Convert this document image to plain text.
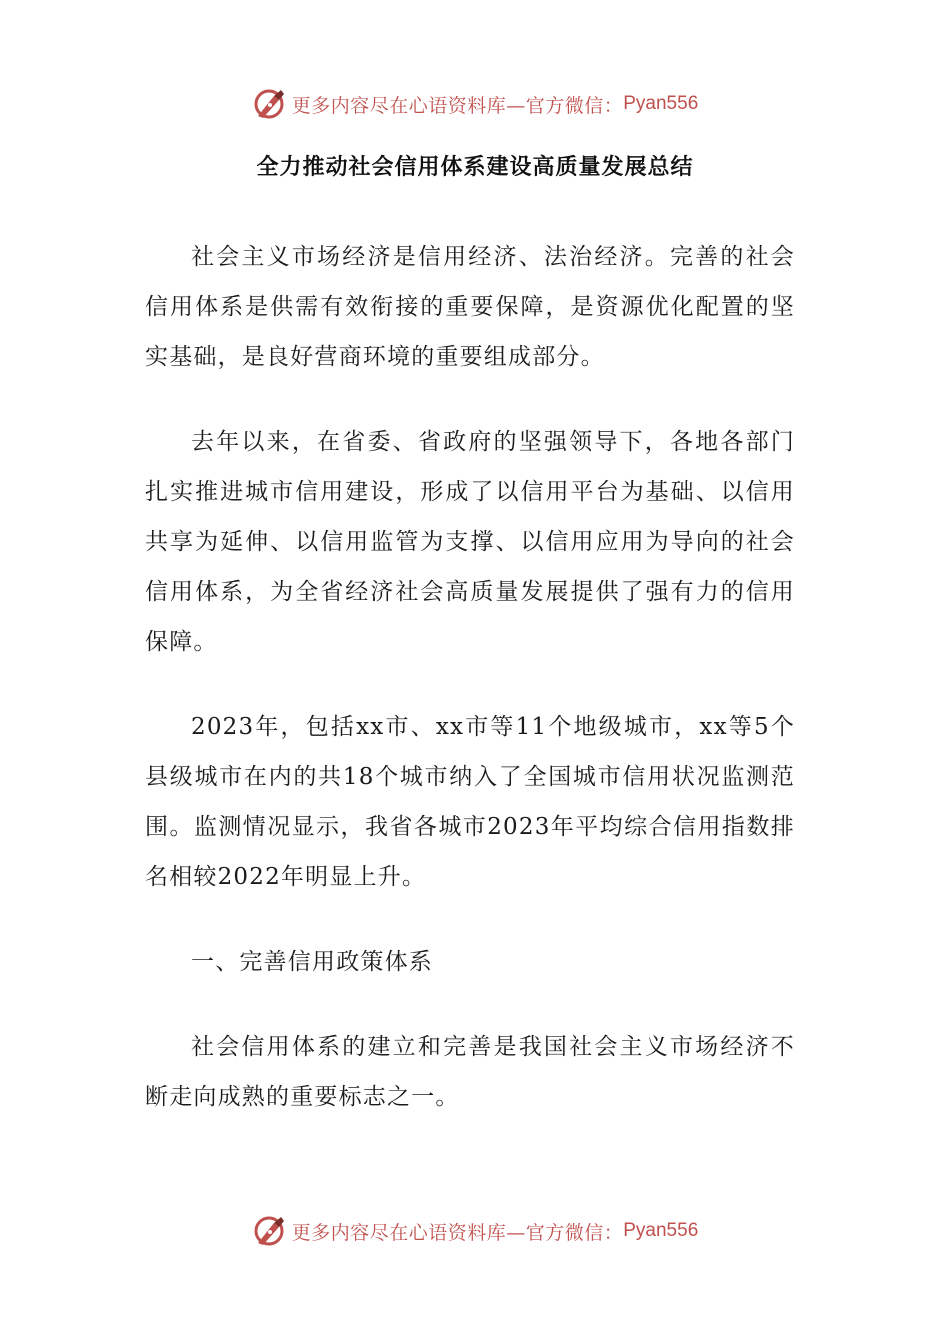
更多内容尽在心语资料库—官方微信： Pyan556
全力推动社会信用体系建设高质量发展总结

社会主义市场经济是信用经济、法治经济。完善的社会信用体系是供需有效衔接的重要保障，是资源优化配置的坚实基础，是良好营商环境的重要组成部分。

去年以来，在省委、省政府的坚强领导下，各地各部门扎实推进城市信用建设，形成了以信用平台为基础、以信用共享为延伸、以信用监管为支撑、以信用应用为导向的社会信用体系，为全省经济社会高质量发展提供了强有力的信用保障。

2023年，包括xx市、xx市等11个地级城市，xx等5个县级城市在内的共18个城市纳入了全国城市信用状况监测范围。监测情况显示，我省各城市2023年平均综合信用指数排名相较2022年明显上升。

一、完善信用政策体系

社会信用体系的建立和完善是我国社会主义市场经济不断走向成熟的重要标志之一。

更多内容尽在心语资料库—官方微信： Pyan556
